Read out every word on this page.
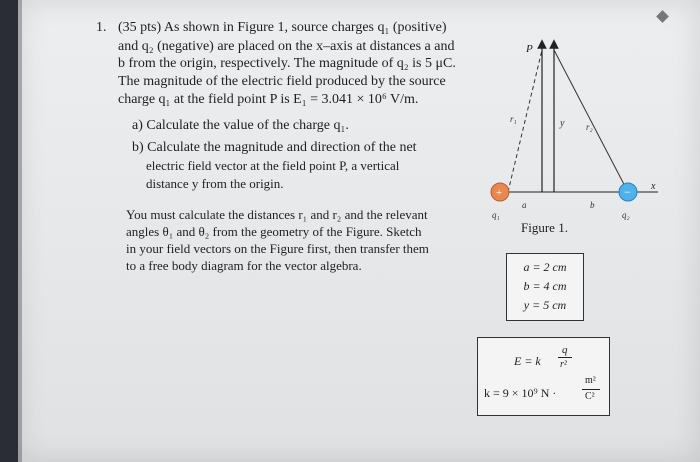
1. (35 pts) As shown in Figure 1, source charges q₁ (positive)
and q₂ (negative) are placed on the x–axis at distances a and
b from the origin, respectively. The magnitude of q₂ is 5 μC.
The magnitude of the electric field produced by the source
charge q₁ at the field point P is E₁ = 3.041 × 10⁶ V/m.
a) Calculate the value of the charge q₁.
b) Calculate the magnitude and direction of the net
electric field vector at the field point P, a vertical
distance y from the origin.
You must calculate the distances r₁ and r₂ and the relevant
angles θ₁ and θ₂ from the geometry of the Figure. Sketch
in your field vectors on the Figure first, then transfer them
to a free body diagram for the vector algebra.
x
P
r₁
r₂
y
a	b
+	−
q₁	q₂
Figure 1.
a = 2 cm
b = 4 cm
y = 5 cm
E = k
q
r²
k = 9 × 10⁹ N ·
m²
C²
